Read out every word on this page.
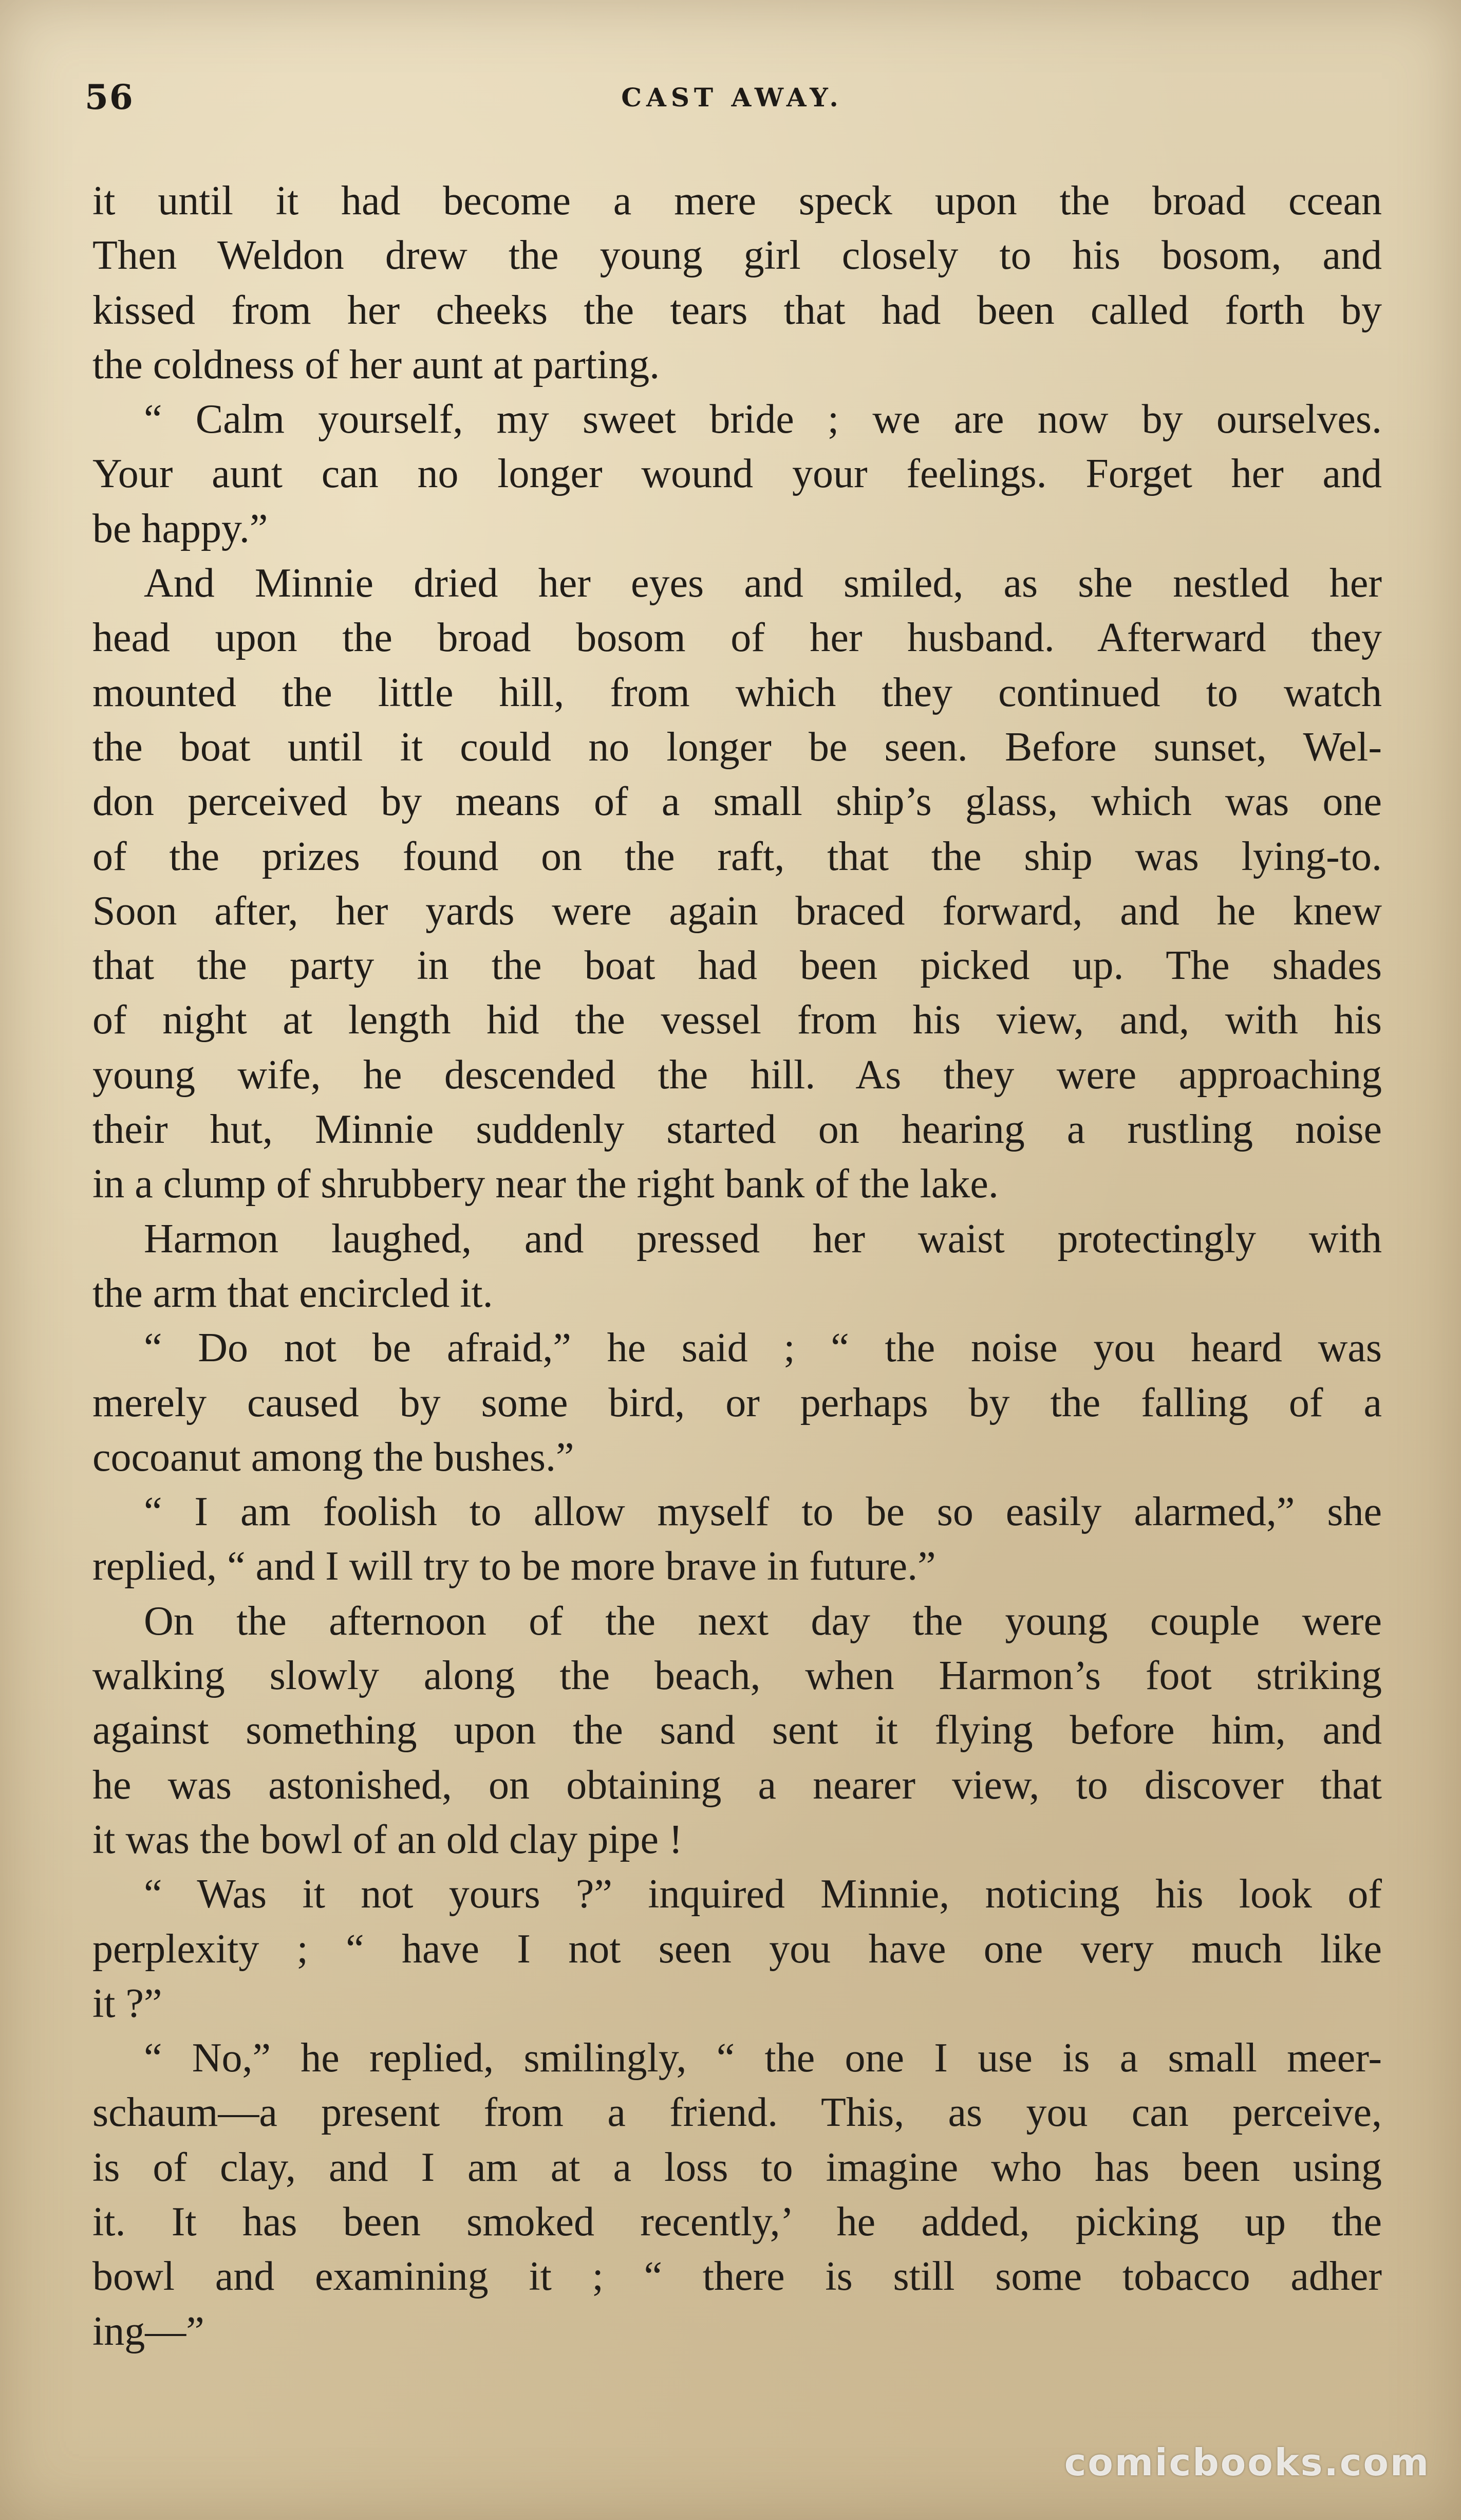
56	CAST AWAY.
it until it had become a mere speck upon the broad ccean
Then Weldon drew the young girl closely to his bosom, and
kissed from her cheeks the tears that had been called forth by
the coldness of her aunt at parting.
“ Calm yourself, my sweet bride ; we are now by ourselves.
Your aunt can no longer wound your feelings. Forget her and
be happy.”
And Minnie dried her eyes and smiled, as she nestled her
head upon the broad bosom of her husband. Afterward they
mounted the little hill, from which they continued to watch
the boat until it could no longer be seen. Before sunset, Wel-
don perceived by means of a small ship’s glass, which was one
of the prizes found on the raft, that the ship was lying-to.
Soon after, her yards were again braced forward, and he knew
that the party in the boat had been picked up. The shades
of night at length hid the vessel from his view, and, with his
young wife, he descended the hill. As they were approaching
their hut, Minnie suddenly started on hearing a rustling noise
in a clump of shrubbery near the right bank of the lake.
Harmon laughed, and pressed her waist protectingly with
the arm that encircled it.
“ Do not be afraid,” he said ; “ the noise you heard was
merely caused by some bird, or perhaps by the falling of a
cocoanut among the bushes.”
“ I am foolish to allow myself to be so easily alarmed,” she
replied, “ and I will try to be more brave in future.”
On the afternoon of the next day the young couple were
walking slowly along the beach, when Harmon’s foot striking
against something upon the sand sent it flying before him, and
he was astonished, on obtaining a nearer view, to discover that
it was the bowl of an old clay pipe !
“ Was it not yours ?” inquired Minnie, noticing his look of
perplexity ; “ have I not seen you have one very much like
it ?”
“ No,” he replied, smilingly, “ the one I use is a small meer-
schaum—a present from a friend. This, as you can perceive,
is of clay, and I am at a loss to imagine who has been using
it. It has been smoked recently,’ he added, picking up the
bowl and examining it ; “ there is still some tobacco adher
ing—”
comicbooks.com
